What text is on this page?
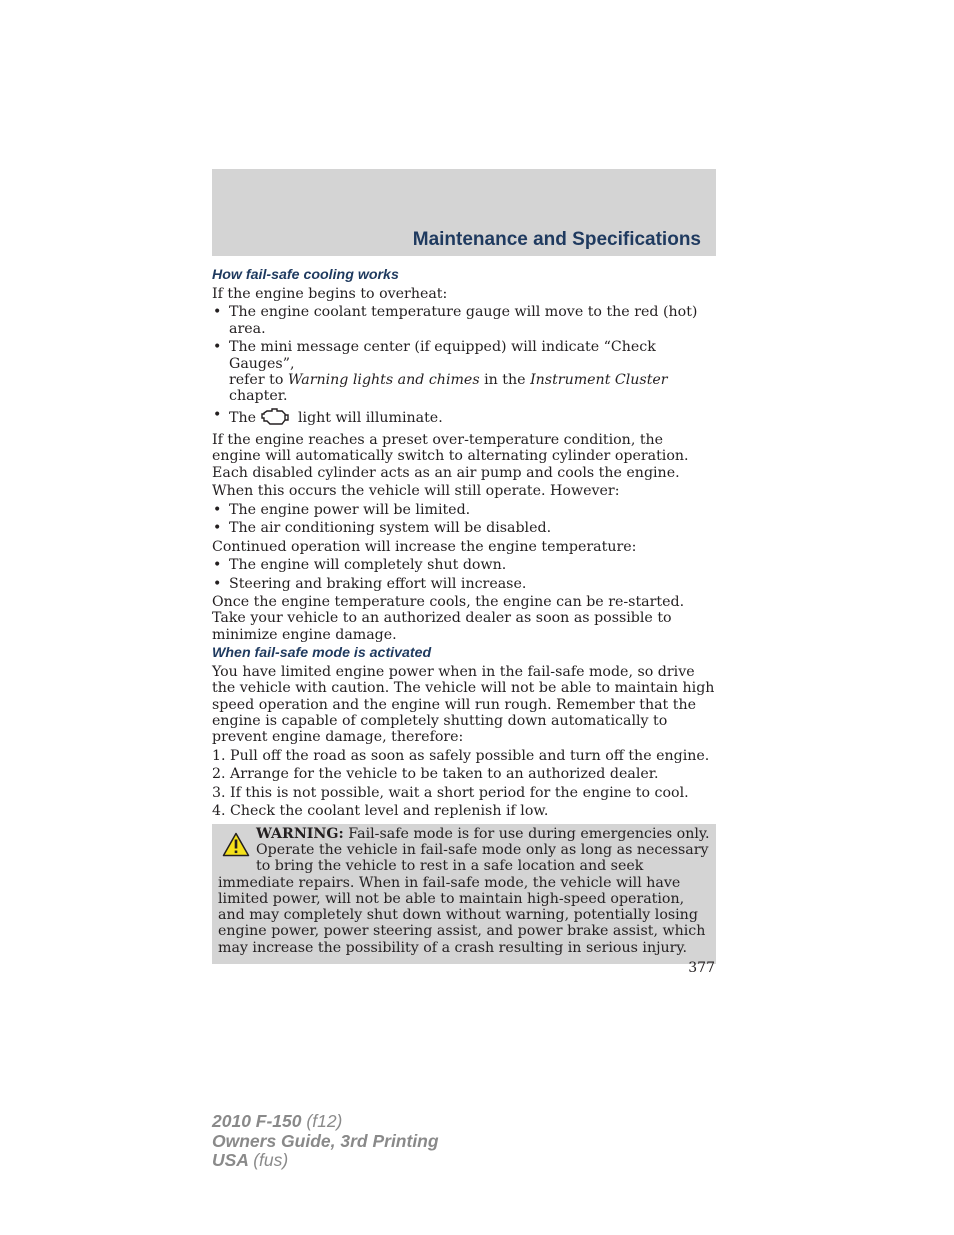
Maintenance and Specifications
How fail-safe cooling works

If the engine begins to overheat:

• The engine coolant temperature gauge will move to the red (hot) area.
• The mini message center (if equipped) will indicate “Check Gauges”,
refer to Warning lights and chimes in the Instrument Cluster
chapter.
• The	light will illuminate.

If the engine reaches a preset over-temperature condition, the engine will automatically switch to alternating cylinder operation. Each disabled cylinder acts as an air pump and cools the engine.

When this occurs the vehicle will still operate. However:

• The engine power will be limited.
• The air conditioning system will be disabled.

Continued operation will increase the engine temperature:

• The engine will completely shut down.
• Steering and braking effort will increase.

Once the engine temperature cools, the engine can be re-started. Take your vehicle to an authorized dealer as soon as possible to minimize engine damage.

When fail-safe mode is activated

You have limited engine power when in the fail-safe mode, so drive the vehicle with caution. The vehicle will not be able to maintain high speed operation and the engine will run rough. Remember that the engine is capable of completely shutting down automatically to prevent engine damage, therefore:

1. Pull off the road as soon as safely possible and turn off the engine.

2. Arrange for the vehicle to be taken to an authorized dealer.

3. If this is not possible, wait a short period for the engine to cool.

4. Check the coolant level and replenish if low.

WARNING: Fail-safe mode is for use during emergencies only. Operate the vehicle in fail-safe mode only as long as necessary to bring the vehicle to rest in a safe location and seek immediate repairs. When in fail-safe mode, the vehicle will have limited power, will not be able to maintain high-speed operation, and may completely shut down without warning, potentially losing engine power, power steering assist, and power brake assist, which may increase the possibility of a crash resulting in serious injury.
377
2010 F-150 (f12)
Owners Guide, 3rd Printing
USA (fus)
